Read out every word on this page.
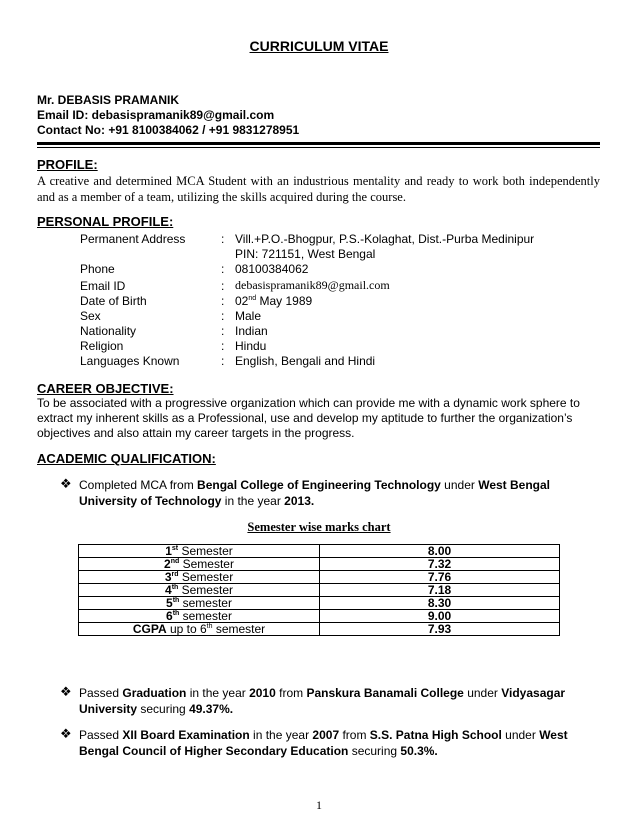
CURRICULUM VITAE
Mr. DEBASIS PRAMANIK
Email ID: debasispramanik89@gmail.com
Contact No: +91 8100384062 / +91 9831278951
PROFILE:
A creative and determined MCA Student with an industrious mentality and ready to work both independently and as a member of a team, utilizing the skills acquired during the course.
PERSONAL PROFILE:
Permanent Address	: Vill.+P.O.-Bhogpur, P.S.-Kolaghat, Dist.-Purba Medinipur
PIN: 721151, West Bengal
Phone	: 08100384062
Email ID	: debasispramanik89@gmail.com
Date of Birth	: 02nd May 1989
Sex	: Male
Nationality	: Indian
Religion	: Hindu
Languages Known	: English, Bengali and Hindi
CAREER OBJECTIVE:
To be associated with a progressive organization which can provide me with a dynamic work sphere to extract my inherent skills as a Professional, use and develop my aptitude to further the organization’s objectives and also attain my career targets in the progress.
ACADEMIC QUALIFICATION:
❖ Completed MCA from Bengal College of Engineering Technology under West Bengal University of Technology in the year 2013.
Semester wise marks chart
1st Semester	8.00
2nd Semester	7.32
3rd Semester	7.76
4th Semester	7.18
5th semester	8.30
6th semester	9.00
CGPA up to 6th semester	7.93
❖ Passed Graduation in the year 2010 from Panskura Banamali College under Vidyasagar University securing 49.37%.
❖ Passed XII Board Examination in the year 2007 from S.S. Patna High School under West Bengal Council of Higher Secondary Education securing 50.3%.
1
